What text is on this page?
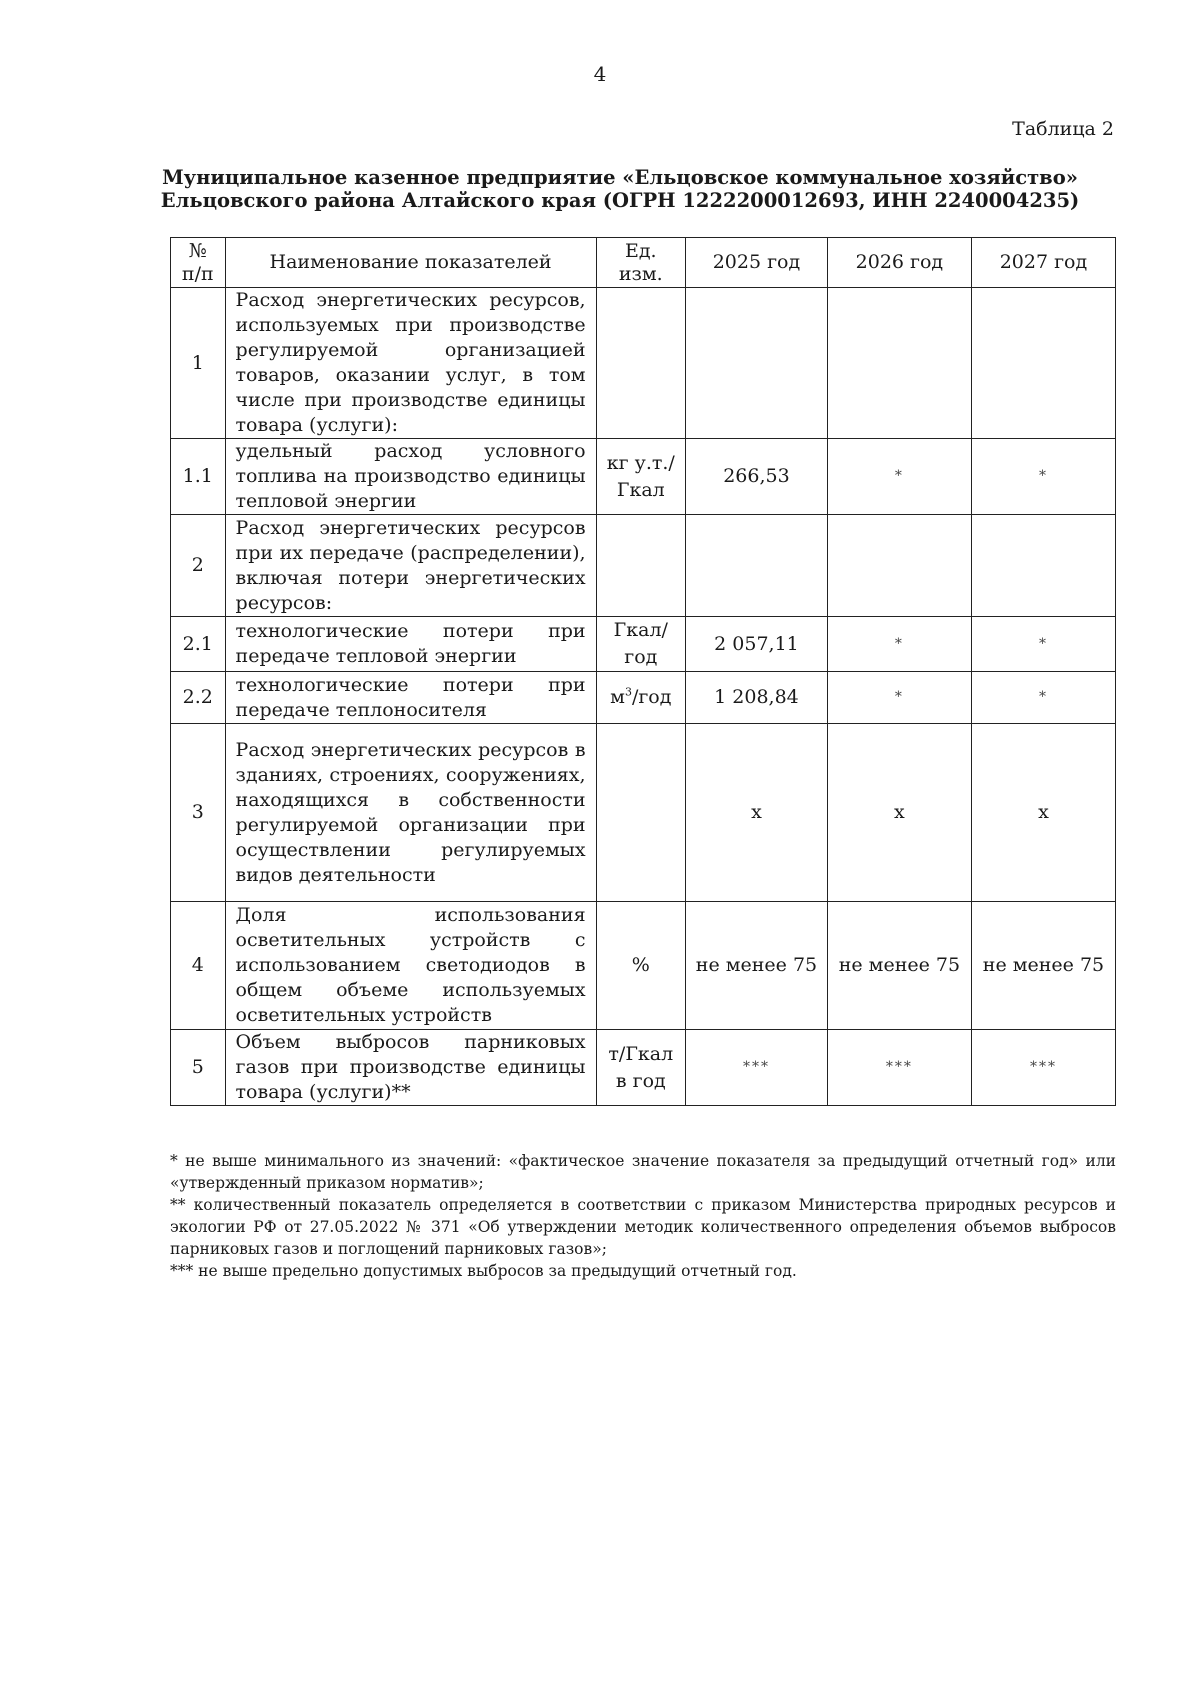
4
Таблица 2
Муниципальное казенное предприятие «Ельцовское коммунальное хозяйство»
Ельцовского района Алтайского края (ОГРН 1222200012693, ИНН 2240004235)
№ п/п	Наименование показателей	Ед. изм.	2025 год	2026 год	2027 год
1	Расход энергетических ресурсов, используемых при производстве регулируемой организацией товаров, оказании услуг, в том числе при производстве единицы товара (услуги):				
1.1	удельный расход условного топлива на производство единицы тепловой энергии	кг у.т./ Гкал	266,53	*	*
2	Расход энергетических ресурсов при их передаче (распределении), включая потери энергетических ресурсов:				
2.1	технологические потери при передаче тепловой энергии	Гкал/ год	2 057,11	*	*
2.2	технологические потери при передаче теплоносителя	$м^3$/год	1 208,84	*	*
3	Расход энергетических ресурсов в зданиях, строениях, сооружениях, находящихся в собственности регулируемой организации при осуществлении регулируемых видов деятельности		х	х	х
4	Доля использования осветительных устройств с использованием светодиодов в общем объеме используемых осветительных устройств	%	не менее 75	не менее 75	не менее 75
5	Объем выбросов парниковых газов при производстве единицы товара (услуги)**	т/Гкал в год	***	***	***

* не выше минимального из значений: «фактическое значение показателя за предыдущий отчетный год» или «утвержденный приказом норматив»;

** количественный показатель определяется в соответствии с приказом Министерства природных ресурсов и экологии РФ от 27.05.2022 № 371 «Об утверждении методик количественного определения объемов выбросов парниковых газов и поглощений парниковых газов»;

*** не выше предельно допустимых выбросов за предыдущий отчетный год.
